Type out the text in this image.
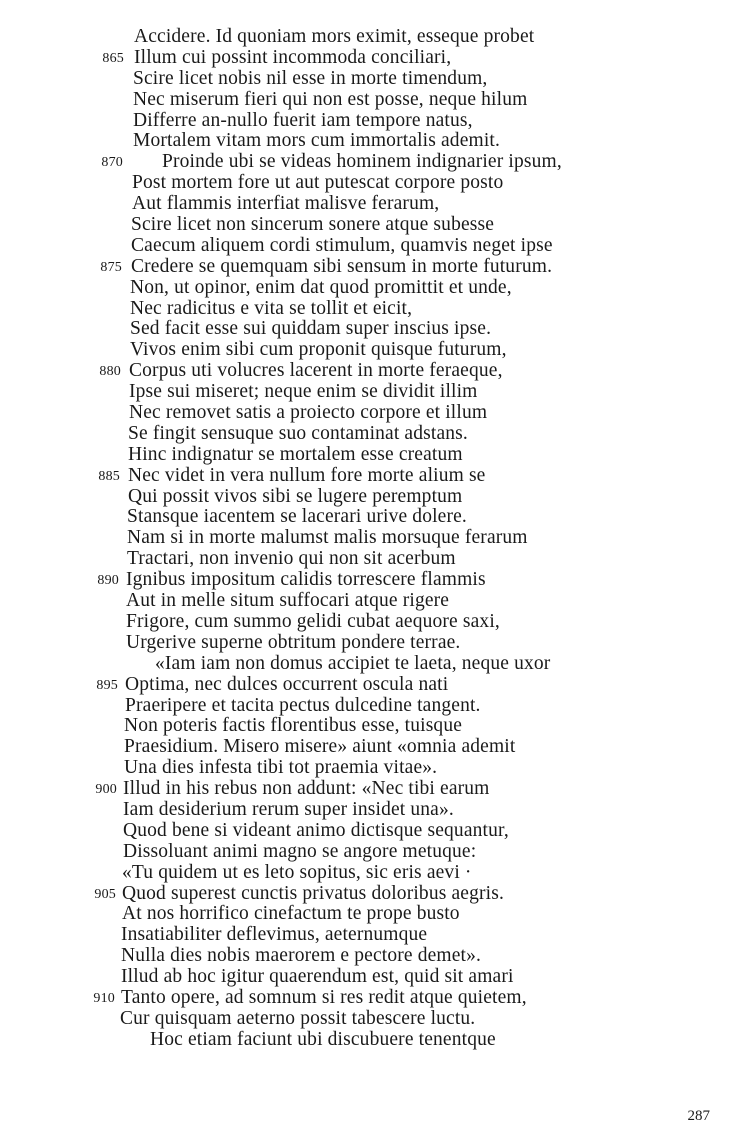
Accidere. Id quoniam mors eximit, esseque probet
865 Illum cui possint incommoda conciliari,
Scire licet nobis nil esse in morte timendum,
Nec miserum fieri qui non est posse, neque hilum
Differre an-nullo fuerit iam tempore natus,
Mortalem vitam mors cum immortalis ademit.
870 Proinde ubi se videas hominem indignarier ipsum,
Post mortem fore ut aut putescat corpore posto
Aut flammis interfiat malisve ferarum,
Scire licet non sincerum sonere atque subesse
Caecum aliquem cordi stimulum, quamvis neget ipse
875 Credere se quemquam sibi sensum in morte futurum.
Non, ut opinor, enim dat quod promittit et unde,
Nec radicitus e vita se tollit et eicit,
Sed facit esse sui quiddam super inscius ipse.
Vivos enim sibi cum proponit quisque futurum,
880 Corpus uti volucres lacerent in morte feraeque,
Ipse sui miseret; neque enim se dividit illim
Nec removet satis a proiecto corpore et illum
Se fingit sensuque suo contaminat adstans.
Hinc indignatur se mortalem esse creatum
885 Nec videt in vera nullum fore morte alium se
Qui possit vivos sibi se lugere peremptum
Stansque iacentem se lacerari urive dolere.
Nam si in morte malumst malis morsuque ferarum
Tractari, non invenio qui non sit acerbum
890 Ignibus impositum calidis torrescere flammis
Aut in melle situm suffocari atque rigere
Frigore, cum summo gelidi cubat aequore saxi,
Urgerive superne obtritum pondere terrae.
«Iam iam non domus accipiet te laeta, neque uxor
895 Optima, nec dulces occurrent oscula nati
Praeripere et tacita pectus dulcedine tangent.
Non poteris factis florentibus esse, tuisque
Praesidium. Misero misere» aiunt «omnia ademit
Una dies infesta tibi tot praemia vitae».
900 Illud in his rebus non addunt: «Nec tibi earum
Iam desiderium rerum super insidet una».
Quod bene si videant animo dictisque sequantur,
Dissoluant animi magno se angore metuque:
«Tu quidem ut es leto sopitus, sic eris aevi ·
905 Quod superest cunctis privatus doloribus aegris.
At nos horrifico cinefactum te prope busto
Insatiabiliter deflevimus, aeternumque
Nulla dies nobis maerorem e pectore demet».
Illud ab hoc igitur quaerendum est, quid sit amari
910 Tanto opere, ad somnum si res redit atque quietem,
Cur quisquam aeterno possit tabescere luctu.
Hoc etiam faciunt ubi discubuere tenentque
287
